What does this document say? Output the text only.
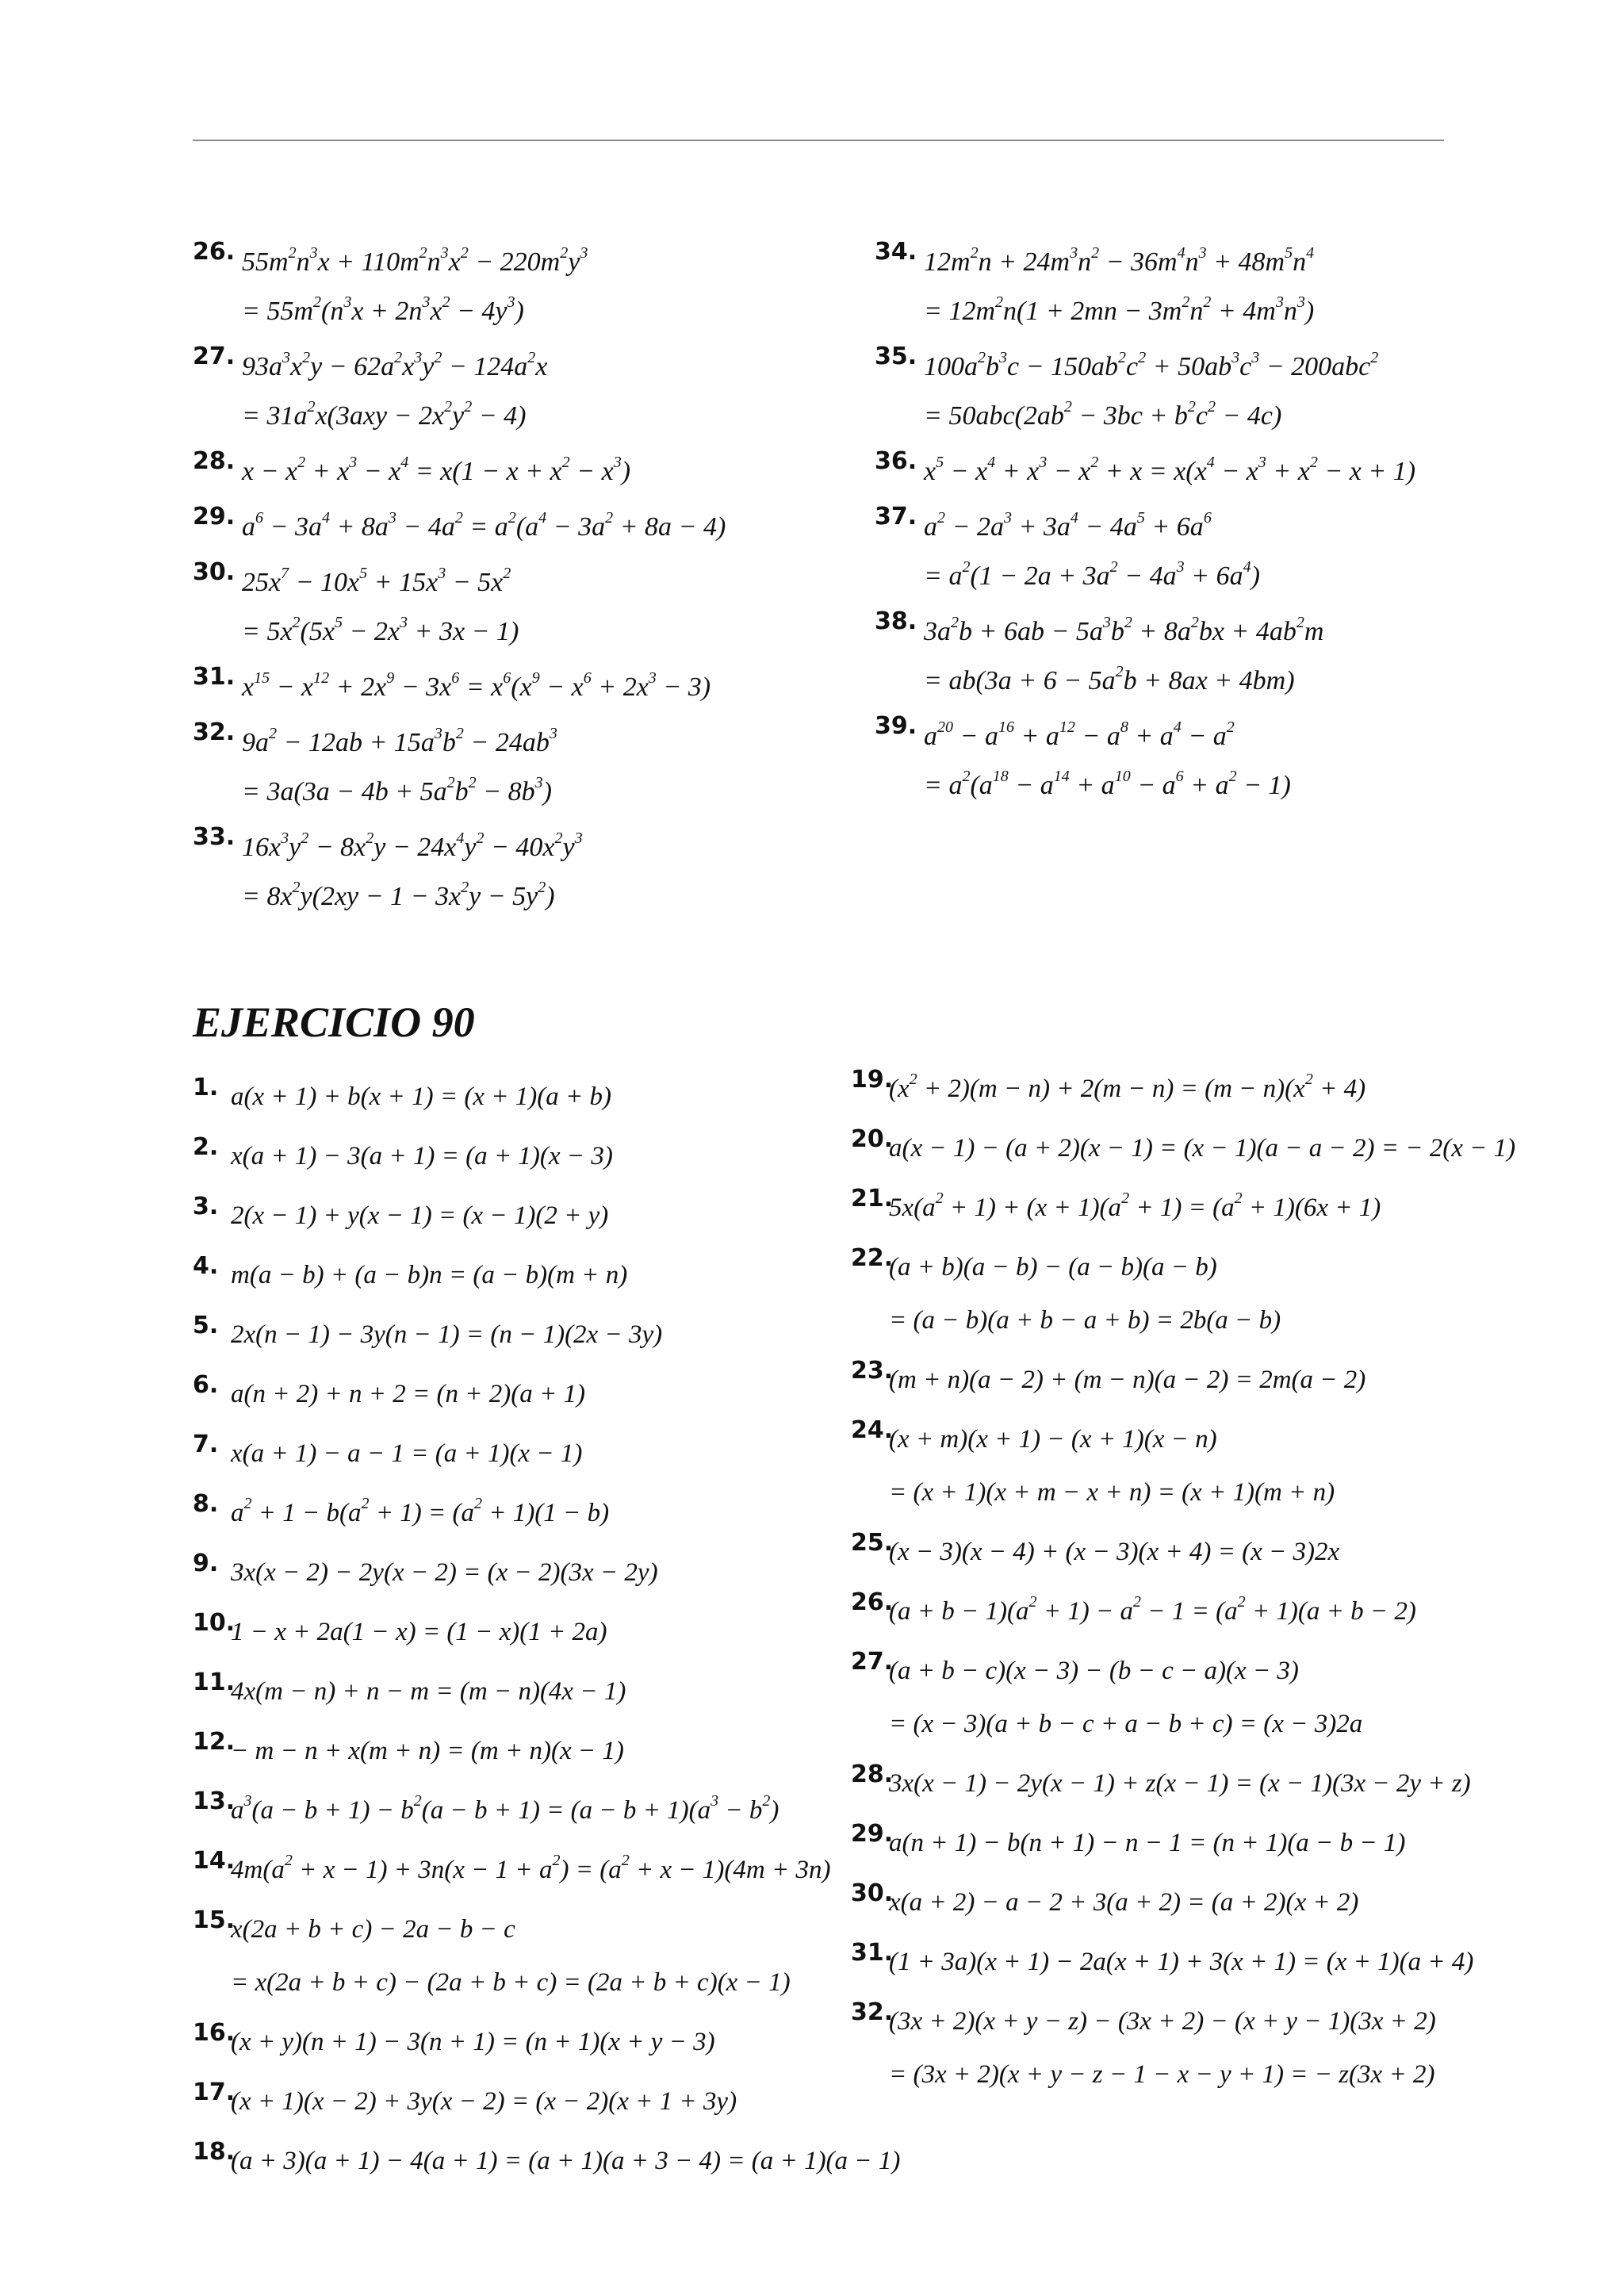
26. $55m^2n^3x + 110m^2n^3x^2 - 220m^2y^3$
= $55m^2(n^3x + 2n^3x^2 - 4y^3)$
27. $93a^3x^2y - 62a^2x^3y^2 - 124a^2x$
= $31a^2x(3axy - 2x^2y^2 - 4)$
28. $x - x^2 + x^3 - x^4 = x(1 - x + x^2 - x^3)$
29. $a^6 - 3a^4 + 8a^3 - 4a^2 = a^2(a^4 - 3a^2 + 8a - 4)$
30. $25x^7 - 10x^5 + 15x^3 - 5x^2$
= $5x^2(5x^5 - 2x^3 + 3x - 1)$
31. $x^{15} - x^{12} + 2x^9 - 3x^6 = x^6(x^9 - x^6 + 2x^3 - 3)$
32. $9a^2 - 12ab + 15a^3b^2 - 24ab^3$
= $3a(3a - 4b + 5a^2b^2 - 8b^3)$
33. $16x^3y^2 - 8x^2y - 24x^4y^2 - 40x^2y^3$
= $8x^2y(2xy - 1 - 3x^2y - 5y^2)$
34. $12m^2n + 24m^3n^2 - 36m^4n^3 + 48m^5n^4$
= $12m^2n(1 + 2mn - 3m^2n^2 + 4m^3n^3)$
35. $100a^2b^3c - 150ab^2c^2 + 50ab^3c^3 - 200abc^2$
= $50abc(2ab^2 - 3bc + b^2c^2 - 4c)$
36. $x^5 - x^4 + x^3 - x^2 + x = x(x^4 - x^3 + x^2 - x + 1)$
37. $a^2 - 2a^3 + 3a^4 - 4a^5 + 6a^6$
= $a^2(1 - 2a + 3a^2 - 4a^3 + 6a^4)$
38. $3a^2b + 6ab - 5a^3b^2 + 8a^2bx + 4ab^2m$
= $ab(3a + 6 - 5a^2b + 8ax + 4bm)$
39. $a^{20} - a^{16} + a^{12} - a^8 + a^4 - a^2$
= $a^2(a^{18} - a^{14} + a^{10} - a^6 + a^2 - 1)$
EJERCICIO 90
1. a(x + 1) + b(x + 1) = (x + 1)(a + b)
2. x(a + 1) − 3(a + 1) = (a + 1)(x − 3)
3. 2(x − 1) + y(x − 1) = (x − 1)(2 + y)
4. m(a − b) + (a − b)n = (a − b)(m + n)
5. 2x(n − 1) − 3y(n − 1) = (n − 1)(2x − 3y)
6. a(n + 2) + n + 2 = (n + 2)(a + 1)
7. x(a + 1) − a − 1 = (a + 1)(x − 1)
8. $a^2 + 1 - b(a^2 + 1) = (a^2 + 1)(1 - b)$
9. 3x(x − 2) − 2y(x − 2) = (x − 2)(3x − 2y)
10.
1 − x + 2a(1 − x) = (1 − x)(1 + 2a)
11.
4x(m − n) + n − m = (m − n)(4x − 1)
12.
− m − n + x(m + n) = (m + n)(x − 1)
13.
$a^3(a - b + 1) - b^2(a - b + 1) = (a - b + 1)(a^3 - b^2)$
14.
$4m(a^2 + x - 1) + 3n(x - 1 + a^2) = (a^2 + x - 1)(4m + 3n)$
15.
x(2a + b + c) − 2a − b − c
= x(2a + b + c) − (2a + b + c) = (2a + b + c)(x − 1)
16.
(x + y)(n + 1) − 3(n + 1) = (n + 1)(x + y − 3)
17.
(x + 1)(x − 2) + 3y(x − 2) = (x − 2)(x + 1 + 3y)
18.
(a + 3)(a + 1) − 4(a + 1) = (a + 1)(a + 3 − 4) = (a + 1)(a − 1)
19.
$(x^2 + 2)(m - n) + 2(m - n) = (m - n)(x^2 + 4)$
20.
a(x − 1) − (a + 2)(x − 1) = (x − 1)(a − a − 2) = − 2(x − 1)
21.
$5x(a^2 + 1) + (x + 1)(a^2 + 1) = (a^2 + 1)(6x + 1)$
22.
(a + b)(a − b) − (a − b)(a − b)
= (a − b)(a + b − a + b) = 2b(a − b)
23.
(m + n)(a − 2) + (m − n)(a − 2) = 2m(a − 2)
24.
(x + m)(x + 1) − (x + 1)(x − n)
= (x + 1)(x + m − x + n) = (x + 1)(m + n)
25.
(x − 3)(x − 4) + (x − 3)(x + 4) = (x − 3)2x
26.
$(a + b - 1)(a^2 + 1) - a^2 - 1 = (a^2 + 1)(a + b - 2)$
27.
(a + b − c)(x − 3) − (b − c − a)(x − 3)
= (x − 3)(a + b − c + a − b + c) = (x − 3)2a
28.
3x(x − 1) − 2y(x − 1) + z(x − 1) = (x − 1)(3x − 2y + z)
29.
a(n + 1) − b(n + 1) − n − 1 = (n + 1)(a − b − 1)
30.
x(a + 2) − a − 2 + 3(a + 2) = (a + 2)(x + 2)
31.
(1 + 3a)(x + 1) − 2a(x + 1) + 3(x + 1) = (x + 1)(a + 4)
32.
(3x + 2)(x + y − z) − (3x + 2) − (x + y − 1)(3x + 2)
= (3x + 2)(x + y − z − 1 − x − y + 1) = − z(3x + 2)
